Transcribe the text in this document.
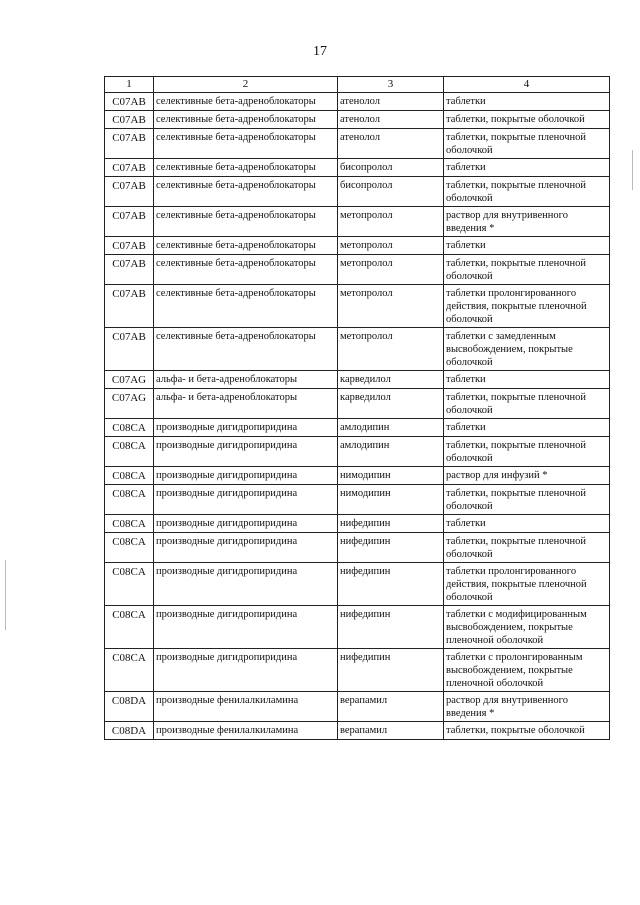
17
1	2	3	4
C07AB	селективные бета-адреноблокаторы	атенолол	таблетки
C07AB	селективные бета-адреноблокаторы	атенолол	таблетки, покрытые оболочкой
C07AB	селективные бета-адреноблокаторы	атенолол	таблетки, покрытые пленочной оболочкой
C07AB	селективные бета-адреноблокаторы	бисопролол	таблетки
C07AB	селективные бета-адреноблокаторы	бисопролол	таблетки, покрытые пленочной оболочкой
C07AB	селективные бета-адреноблокаторы	метопролол	раствор для внутривенного введения *
C07AB	селективные бета-адреноблокаторы	метопролол	таблетки
C07AB	селективные бета-адреноблокаторы	метопролол	таблетки, покрытые пленочной оболочкой
C07AB	селективные бета-адреноблокаторы	метопролол	таблетки пролонгированного действия, покрытые пленочной оболочкой
C07AB	селективные бета-адреноблокаторы	метопролол	таблетки с замедленным высвобождением, покрытые оболочкой
C07AG	альфа- и бета-адреноблокаторы	карведилол	таблетки
C07AG	альфа- и бета-адреноблокаторы	карведилол	таблетки, покрытые пленочной оболочкой
C08CA	производные дигидропиридина	амлодипин	таблетки
C08CA	производные дигидропиридина	амлодипин	таблетки, покрытые пленочной оболочкой
C08CA	производные дигидропиридина	нимодипин	раствор для инфузий *
C08CA	производные дигидропиридина	нимодипин	таблетки, покрытые пленочной оболочкой
C08CA	производные дигидропиридина	нифедипин	таблетки
C08CA	производные дигидропиридина	нифедипин	таблетки, покрытые пленочной оболочкой
C08CA	производные дигидропиридина	нифедипин	таблетки пролонгированного действия, покрытые пленочной оболочкой
C08CA	производные дигидропиридина	нифедипин	таблетки с модифицированным высвобождением, покрытые пленочной оболочкой
C08CA	производные дигидропиридина	нифедипин	таблетки с пролонгированным высвобождением, покрытые пленочной оболочкой
C08DA	производные фенилалкиламина	верапамил	раствор для внутривенного введения *
C08DA	производные фенилалкиламина	верапамил	таблетки, покрытые оболочкой
